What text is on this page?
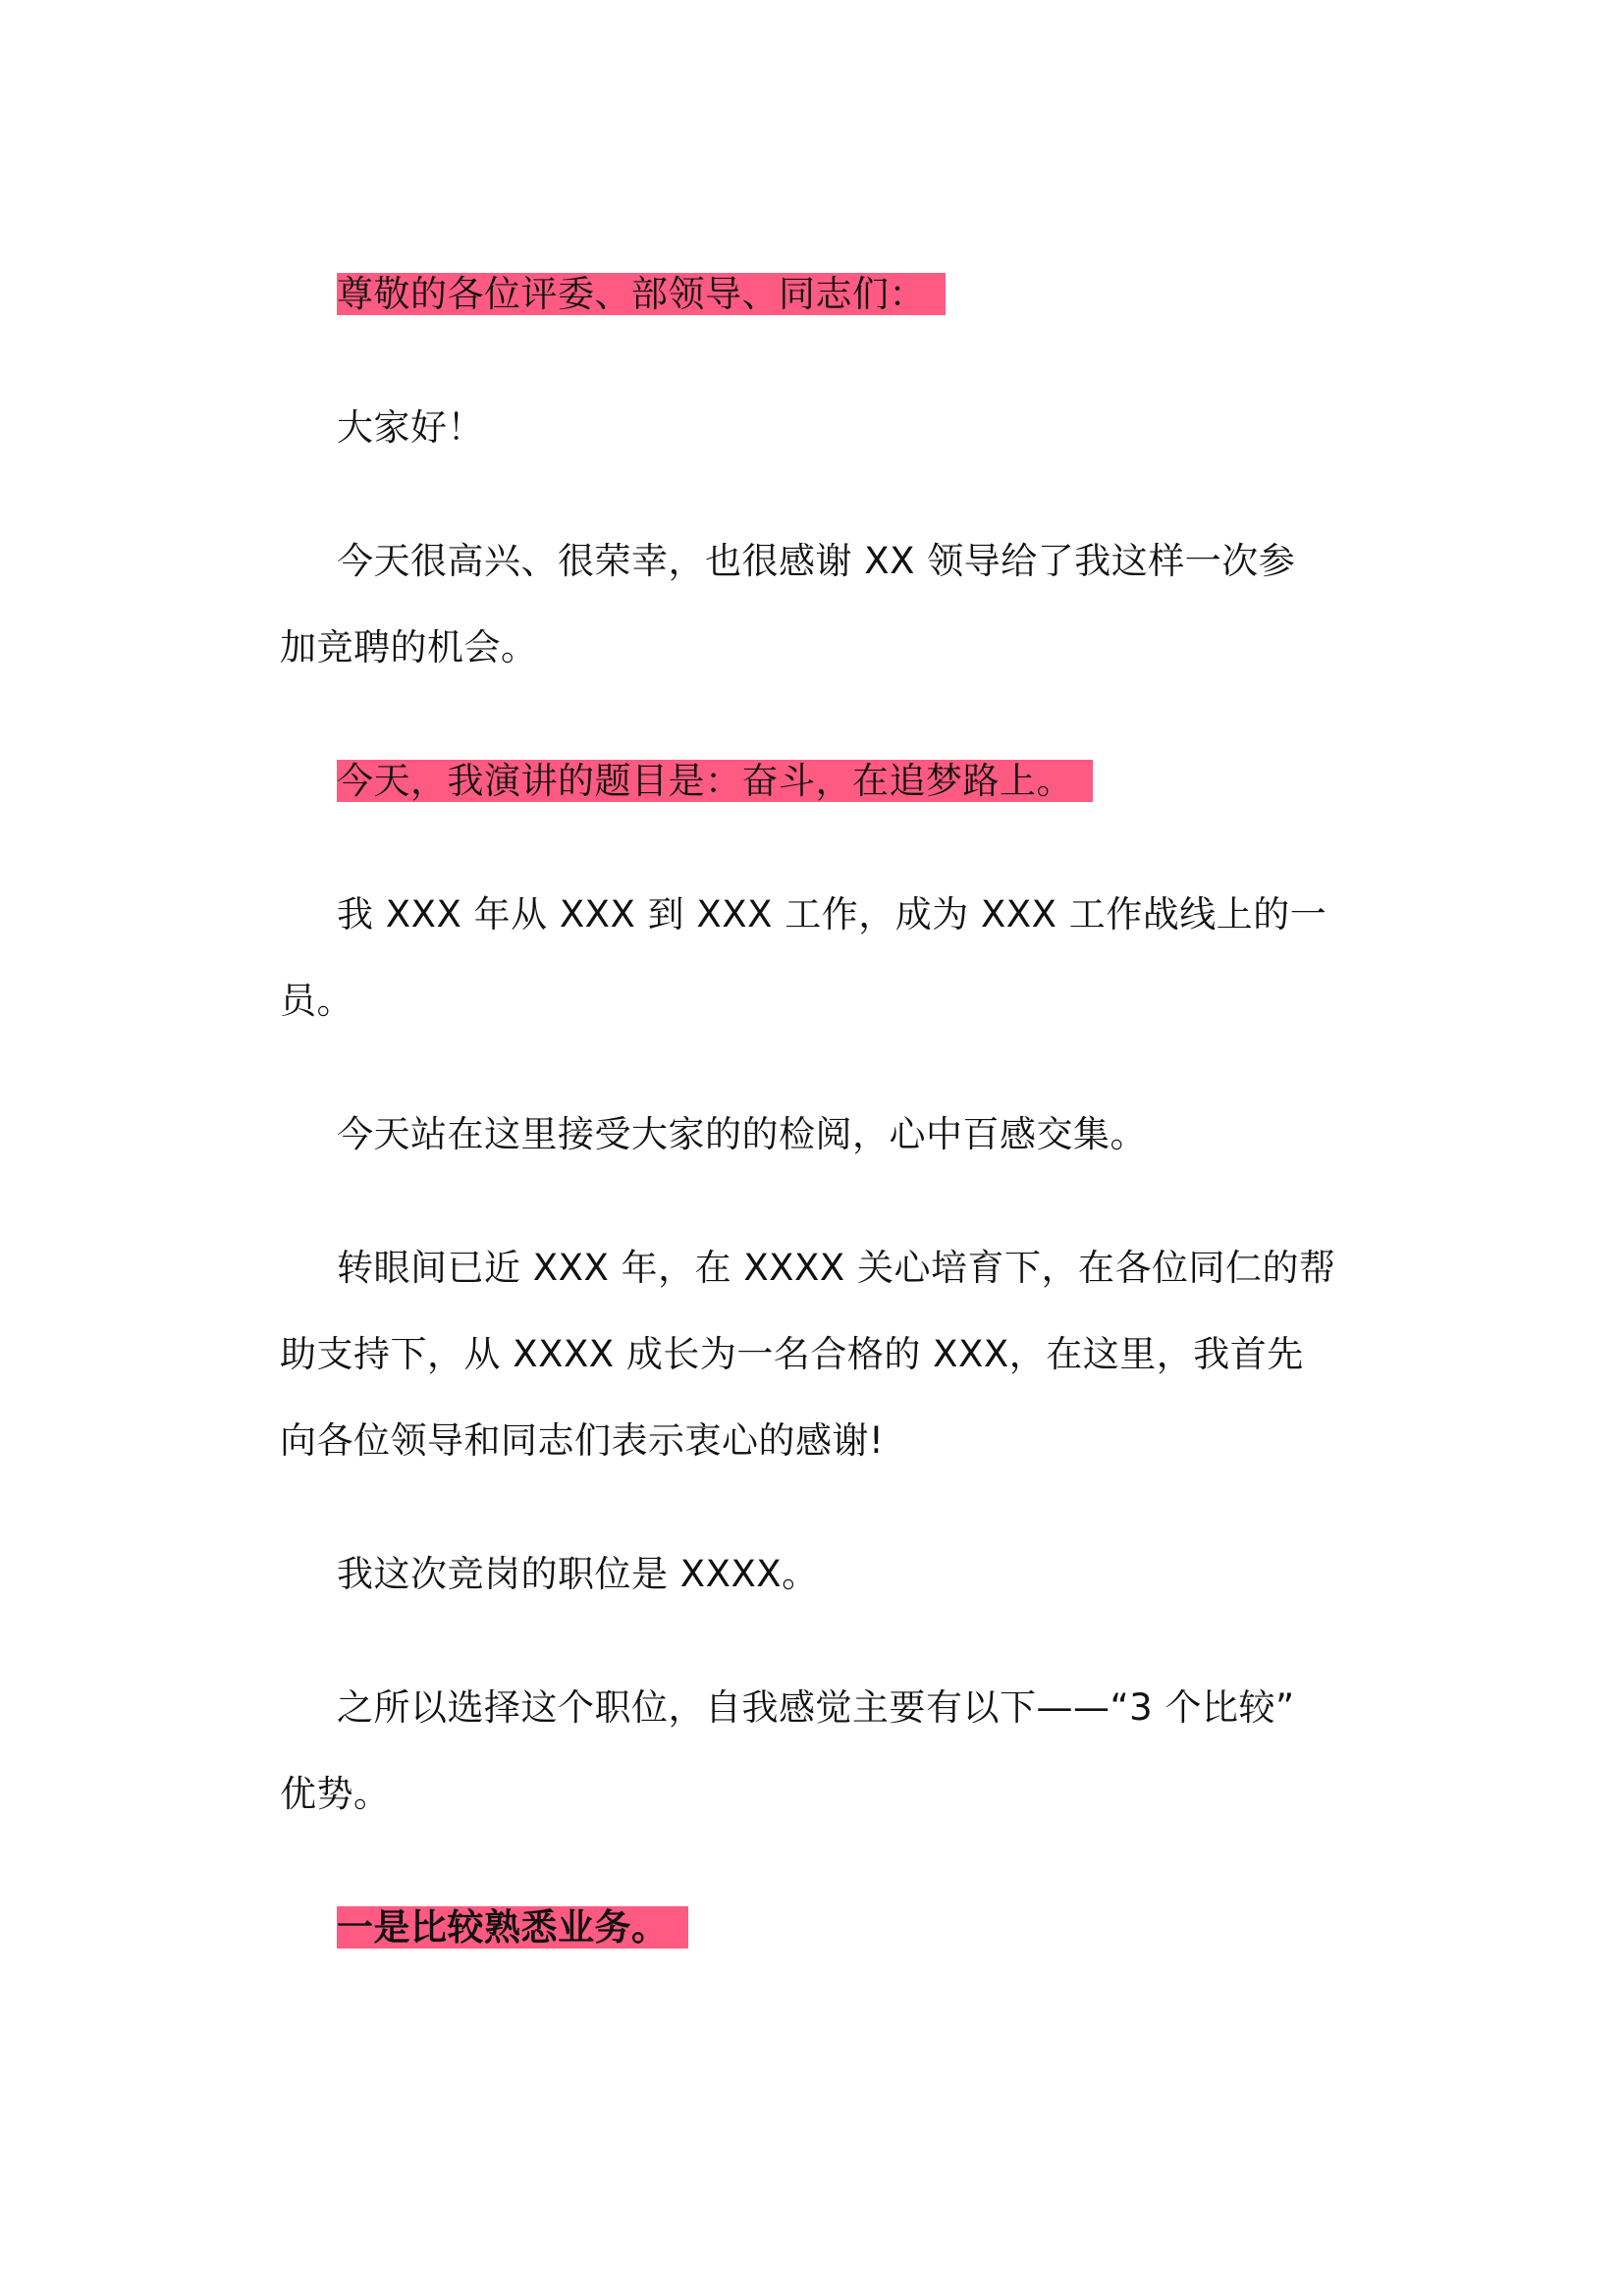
尊敬的各位评委、部领导、同志们：
大家好！
今天很高兴、很荣幸，也很感谢 XX 领导给了我这样一次参
加竞聘的机会。
今天，我演讲的题目是：奋斗，在追梦路上。
我 XXX 年从 XXX 到 XXX 工作，成为 XXX 工作战线上的一
员。
今天站在这里接受大家的的检阅，心中百感交集。
转眼间已近 XXX 年，在 XXXX 关心培育下，在各位同仁的帮
助支持下，从 XXXX 成长为一名合格的 XXX，在这里，我首先
向各位领导和同志们表示衷心的感谢!
我这次竞岗的职位是 XXXX。
之所以选择这个职位，自我感觉主要有以下——“3 个比较”
优势。
一是比较熟悉业务。
